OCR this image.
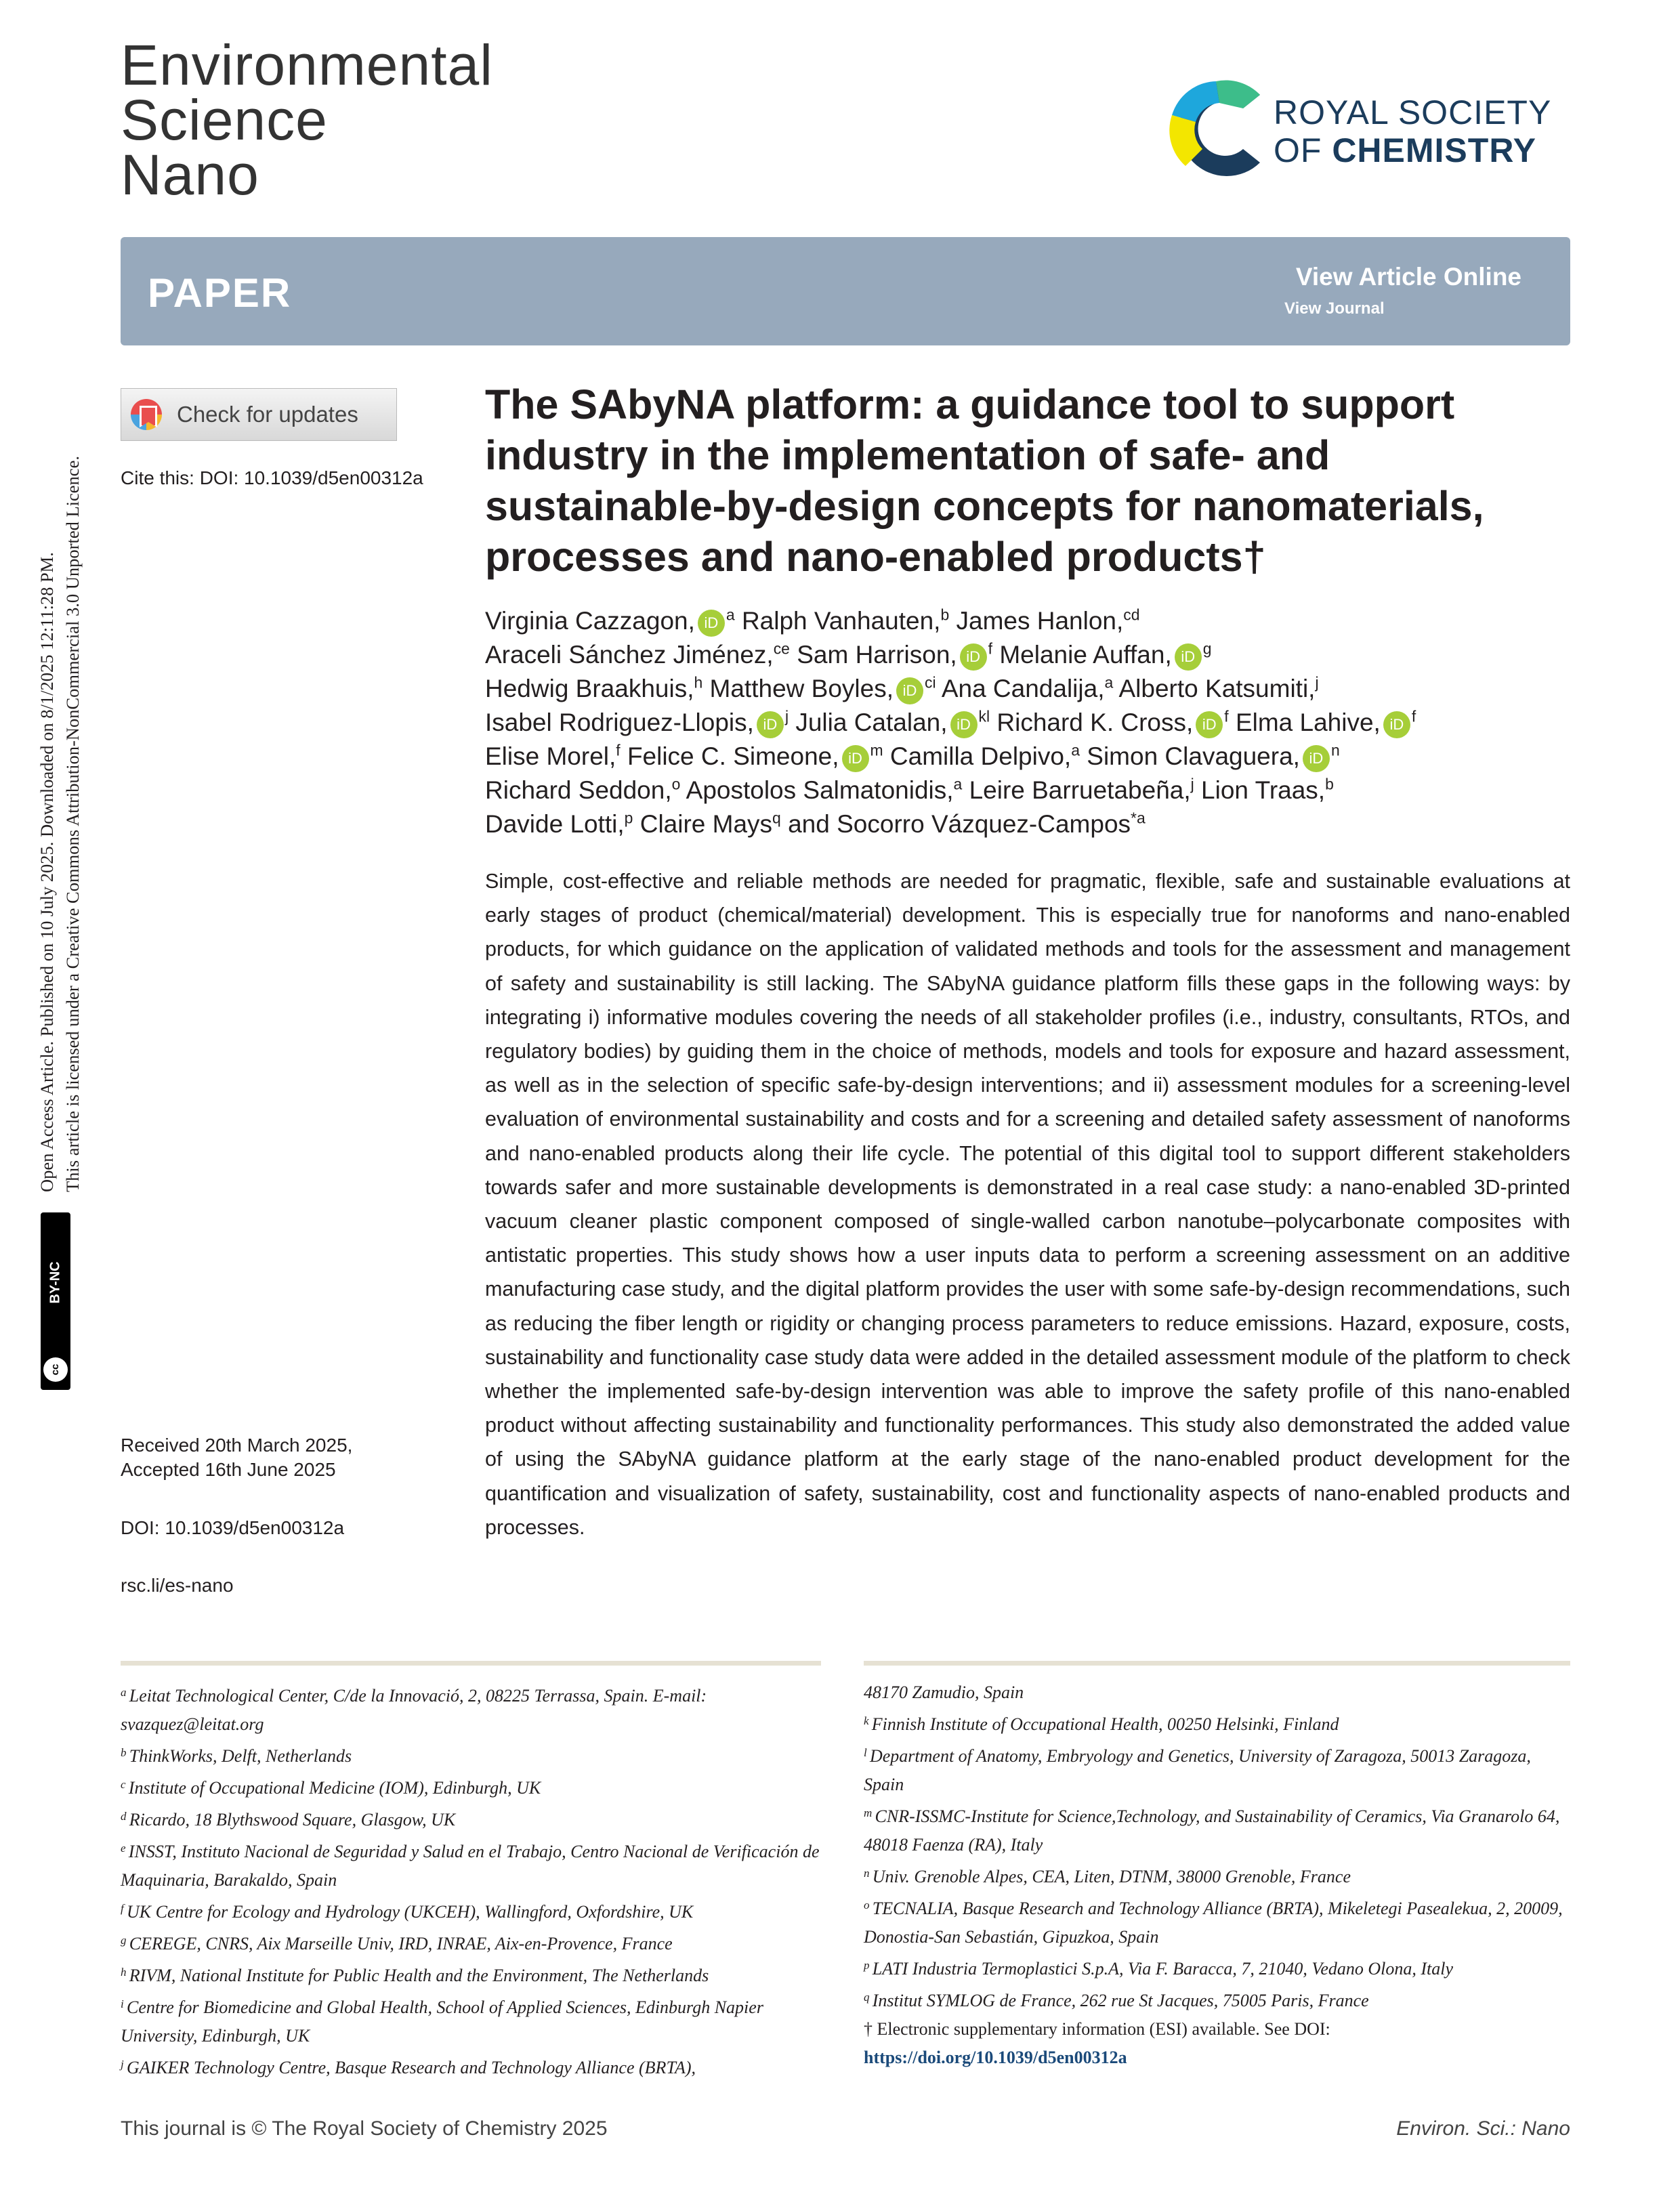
Environmental
Science
Nano
ROYAL SOCIETY
OF CHEMISTRY
PAPER	View Article Online
View Journal
Check for updates
Cite this: DOI: 10.1039/d5en00312a
The SAbyNA platform: a guidance tool to support industry in the implementation of safe- and sustainable-by-design concepts for nanomaterials, processes and nano-enabled products†
Virginia Cazzagon, iD $^a$ Ralph Vanhauten,$^b$ James Hanlon,$^{cd}$
Araceli Sánchez Jiménez,$^{ce}$ Sam Harrison, iD $^f$ Melanie Auffan, iD $^g$
Hedwig Braakhuis,$^h$ Matthew Boyles, iD $^{ci}$ Ana Candalija,$^a$ Alberto Katsumiti,$^j$
Isabel Rodriguez-Llopis, iD $^j$ Julia Catalan, iD $^{kl}$ Richard K. Cross, iD $^f$ Elma Lahive, iD $^f$
Elise Morel,$^f$ Felice C. Simeone, iD $^m$ Camilla Delpivo,$^a$ Simon Clavaguera, iD $^n$
Richard Seddon,$^o$ Apostolos Salmatonidis,$^a$ Leire Barruetabeña,$^j$ Lion Traas,$^b$
Davide Lotti,$^p$ Claire Mays$^q$ and Socorro Vázquez-Campos$^{*a}$
Simple, cost-effective and reliable methods are needed for pragmatic, flexible, safe and sustainable evaluations at early stages of product (chemical/material) development. This is especially true for nanoforms and nano-enabled products, for which guidance on the application of validated methods and tools for the assessment and management of safety and sustainability is still lacking. The SAbyNA guidance platform fills these gaps in the following ways: by integrating i) informative modules covering the needs of all stakeholder profiles (i.e., industry, consultants, RTOs, and regulatory bodies) by guiding them in the choice of methods, models and tools for exposure and hazard assessment, as well as in the selection of specific safe-by-design interventions; and ii) assessment modules for a screening-level evaluation of environmental sustainability and costs and for a screening and detailed safety assessment of nanoforms and nano-enabled products along their life cycle. The potential of this digital tool to support different stakeholders towards safer and more sustainable developments is demonstrated in a real case study: a nano-enabled 3D-printed vacuum cleaner plastic component composed of single-walled carbon nanotube–polycarbonate composites with antistatic properties. This study shows how a user inputs data to perform a screening assessment on an additive manufacturing case study, and the digital platform provides the user with some safe-by-design recommendations, such as reducing the fiber length or rigidity or changing process parameters to reduce emissions. Hazard, exposure, costs, sustainability and functionality case study data were added in the detailed assessment module of the platform to check whether the implemented safe-by-design intervention was able to improve the safety profile of this nano-enabled product without affecting sustainability and functionality performances. This study also demonstrated the added value of using the SAbyNA guidance platform at the early stage of the nano-enabled product development for the quantification and visualization of safety, sustainability, cost and functionality aspects of nano-enabled products and processes.
Received 20th March 2025,
Accepted 16th June 2025
DOI: 10.1039/d5en00312a
rsc.li/es-nano
$^a$ Leitat Technological Center, C/de la Innovació, 2, 08225 Terrassa, Spain. E-mail: svazquez@leitat.org
$^b$ ThinkWorks, Delft, Netherlands
$^c$ Institute of Occupational Medicine (IOM), Edinburgh, UK
$^d$ Ricardo, 18 Blythswood Square, Glasgow, UK
$^e$ INSST, Instituto Nacional de Seguridad y Salud en el Trabajo, Centro Nacional de Verificación de Maquinaria, Barakaldo, Spain
$^f$ UK Centre for Ecology and Hydrology (UKCEH), Wallingford, Oxfordshire, UK
$^g$ CEREGE, CNRS, Aix Marseille Univ, IRD, INRAE, Aix-en-Provence, France
$^h$ RIVM, National Institute for Public Health and the Environment, The Netherlands
$^i$ Centre for Biomedicine and Global Health, School of Applied Sciences, Edinburgh Napier University, Edinburgh, UK
$^j$ GAIKER Technology Centre, Basque Research and Technology Alliance (BRTA),
48170 Zamudio, Spain
$^k$ Finnish Institute of Occupational Health, 00250 Helsinki, Finland
$^l$ Department of Anatomy, Embryology and Genetics, University of Zaragoza, 50013 Zaragoza, Spain
$^m$ CNR-ISSMC-Institute for Science,Technology, and Sustainability of Ceramics, Via Granarolo 64, 48018 Faenza (RA), Italy
$^n$ Univ. Grenoble Alpes, CEA, Liten, DTNM, 38000 Grenoble, France
$^o$ TECNALIA, Basque Research and Technology Alliance (BRTA), Mikeletegi Pasealekua, 2, 20009, Donostia-San Sebastián, Gipuzkoa, Spain
$^p$ LATI Industria Termoplastici S.p.A, Via F. Baracca, 7, 21040, Vedano Olona, Italy
$^q$ Institut SYMLOG de France, 262 rue St Jacques, 75005 Paris, France
† Electronic supplementary information (ESI) available. See DOI: https://doi.org/10.1039/d5en00312a
This journal is © The Royal Society of Chemistry 2025	Environ. Sci.: Nano
Open Access Article. Published on 10 July 2025. Downloaded on 8/1/2025 12:11:28 PM. This article is licensed under a Creative Commons Attribution-NonCommercial 3.0 Unported Licence.
cc
BY-NC
